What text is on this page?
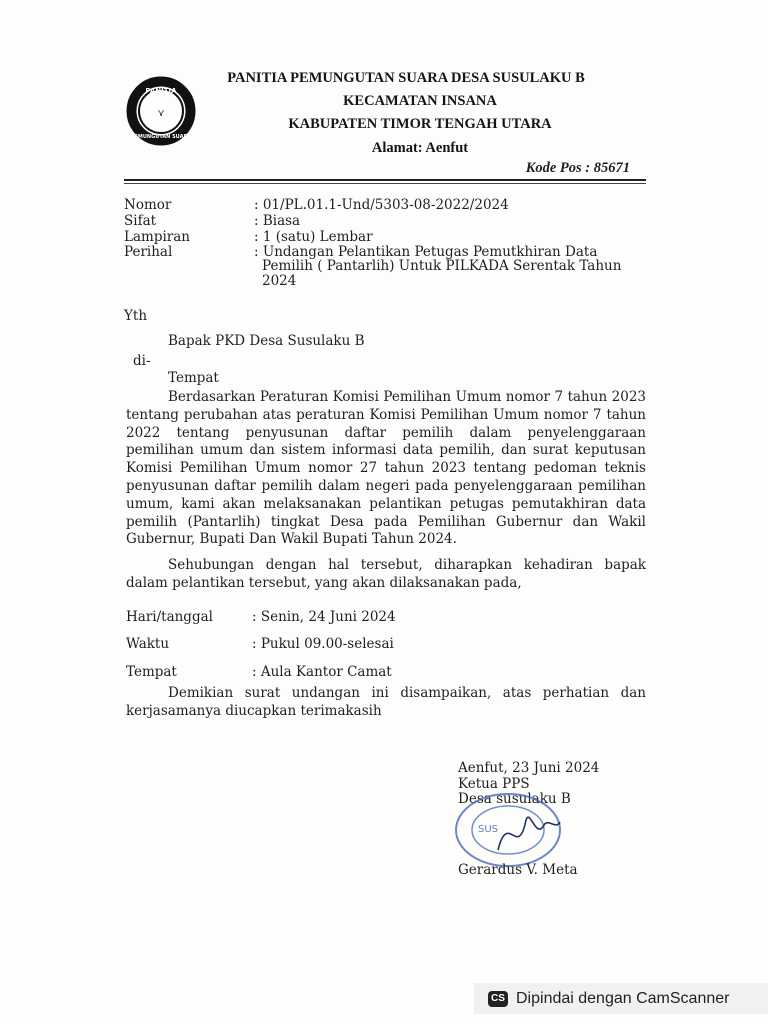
PANITIA
PEMUNGUTAN SUARA
⋎
PANITIA PEMUNGUTAN SUARA DESA SUSULAKU B
KECAMATAN INSANA
KABUPATEN TIMOR TENGAH UTARA
Alamat: Aenfut
Kode Pos : 85671
Nomor	: 01/PL.01.1-Und/5303-08-2022/2024
Sifat	: Biasa
Lampiran	: 1 (satu) Lembar
Perihal	: Undangan Pelantikan Petugas Pemutkhiran Data
Pemilih ( Pantarlih) Untuk PILKADA Serentak Tahun
2024
Yth
Bapak PKD Desa Susulaku B
di-
Tempat
Berdasarkan Peraturan Komisi Pemilihan Umum nomor 7 tahun 2023 tentang perubahan atas peraturan Komisi Pemilihan Umum nomor 7 tahun 2022 tentang penyusunan daftar pemilih dalam penyelenggaraan pemilihan umum dan sistem informasi data pemilih, dan surat keputusan Komisi Pemilihan Umum nomor 27 tahun 2023 tentang pedoman teknis penyusunan daftar pemilih dalam negeri pada penyelenggaraan pemilihan umum, kami akan melaksanakan pelantikan petugas pemutakhiran data pemilih (Pantarlih) tingkat Desa pada Pemilihan Gubernur dan Wakil Gubernur, Bupati Dan Wakil Bupati Tahun 2024.
Sehubungan dengan hal tersebut, diharapkan kehadiran bapak dalam pelantikan tersebut, yang akan dilaksanakan pada,
Hari/tanggal	: Senin, 24 Juni 2024
Waktu	: Pukul 09.00-selesai
Tempat	: Aula Kantor Camat
Demikian surat undangan ini disampaikan, atas perhatian dan kerjasamanya diucapkan terimakasih
Aenfut, 23 Juni 2024
Ketua PPS
Desa susulaku B
SUS
Gerardus V. Meta
CS Dipindai dengan CamScanner
